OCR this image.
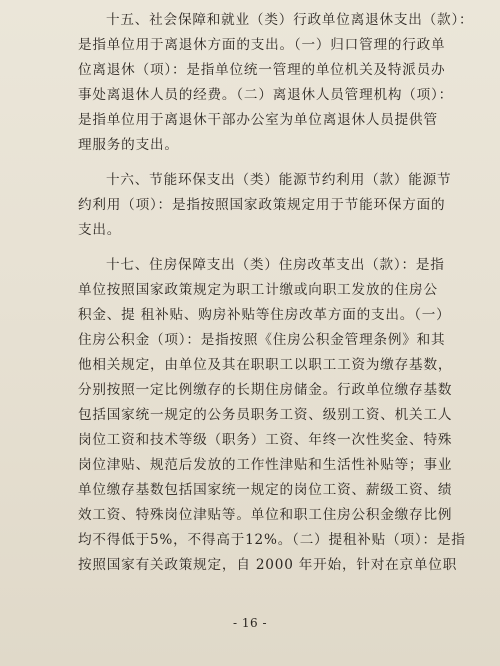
十五、社会保障和就业（类）行政单位离退休支出（款）：
是指单位用于离退休方面的支出。（一）归口管理的行政单
位离退休（项）：是指单位统一管理的单位机关及特派员办
事处离退休人员的经费。（二）离退休人员管理机构（项）：
是指单位用于离退休干部办公室为单位离退休人员提供管
理服务的支出。
十六、节能环保支出（类）能源节约利用（款）能源节
约利用（项）：是指按照国家政策规定用于节能环保方面的
支出。
十七、住房保障支出（类）住房改革支出（款）：是指
单位按照国家政策规定为职工计缴或向职工发放的住房公
积金、提 租补贴、购房补贴等住房改革方面的支出。（一）
住房公积金（项）：是指按照《住房公积金管理条例》和其
他相关规定，由单位及其在职职工以职工工资为缴存基数，
分别按照一定比例缴存的长期住房储金。行政单位缴存基数
包括国家统一规定的公务员职务工资、级别工资、机关工人
岗位工资和技术等级（职务）工资、年终一次性奖金、特殊
岗位津贴、规范后发放的工作性津贴和生活性补贴等；事业
单位缴存基数包括国家统一规定的岗位工资、薪级工资、绩
效工资、特殊岗位津贴等。单位和职工住房公积金缴存比例
均不得低于5%，不得高于12%。（二）提租补贴（项）：是指
按照国家有关政策规定，自 2000 年开始，针对在京单位职
- 16 -
